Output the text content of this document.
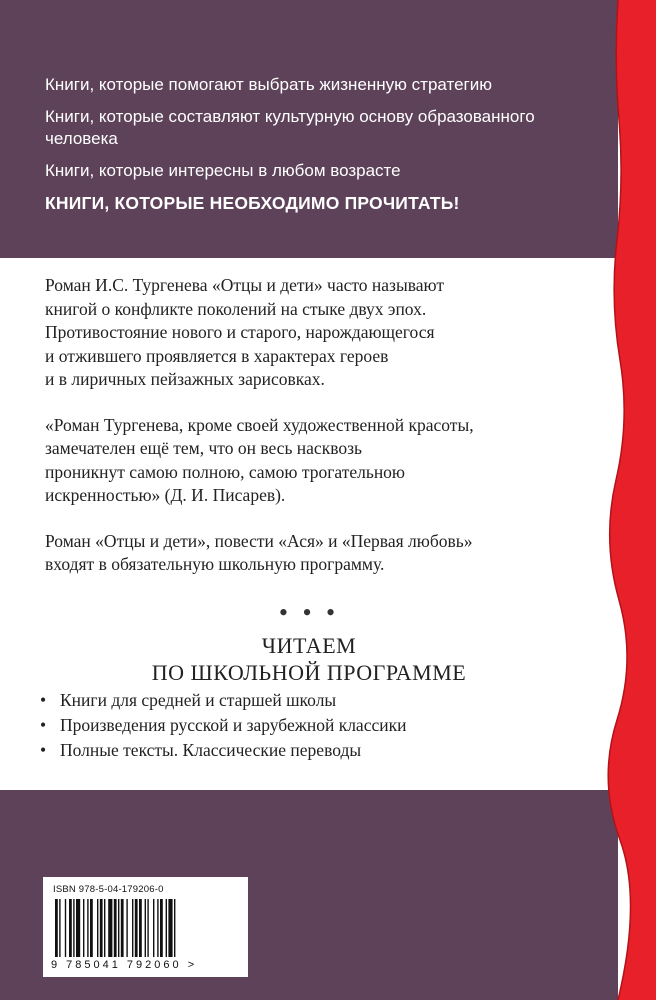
Книги, которые помогают выбрать жизненную стратегию

Книги, которые составляют культурную основу образованного человека

Книги, которые интересны в любом возрасте

КНИГИ, КОТОРЫЕ НЕОБХОДИМО ПРОЧИТАТЬ!

Роман И.С. Тургенева «Отцы и дети» часто называют
книгой о конфликте поколений на стыке двух эпох.
Противостояние нового и старого, нарождающегося
и отжившего проявляется в характерах героев
и в лиричных пейзажных зарисовках.

«Роман Тургенева, кроме своей художественной красоты,
замечателен ещё тем, что он весь насквозь
проникнут самою полною, самою трогательною
искренностью» (Д. И. Писарев).

Роман «Отцы и дети», повести «Ася» и «Первая любовь»
входят в обязательную школьную программу.

• • •
ЧИТАЕМ
ПО ШКОЛЬНОЙ ПРОГРАММЕ
• Книги для средней и старшей школы
• Произведения русской и зарубежной классики
• Полные тексты. Классические переводы
ISBN 978-5-04-179206-0
9 785041 792060 >
